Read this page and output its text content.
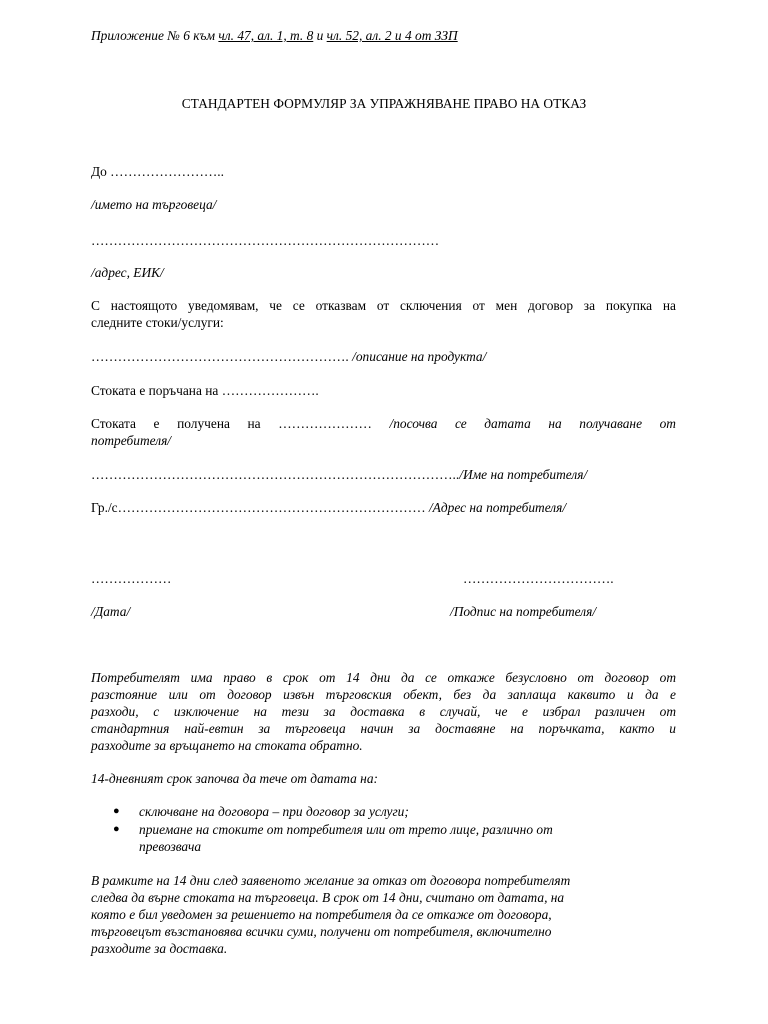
Приложение № 6 към чл. 47, ал. 1, т. 8 и чл. 52, ал. 2 и 4 от ЗЗП
СТАНДАРТЕН ФОРМУЛЯР ЗА УПРАЖНЯВАНЕ ПРАВО НА ОТКАЗ
До ……………………..
/името на търговеца/
……………………………………………………………………
/адрес, ЕИК/
С настоящото уведомявам, че се отказвам от сключения от мен договор за покупка на
следните стоки/услуги:
…………………………………………………. /описание на продукта/
Стоката е поръчана на ………………….
Стоката е получена на ………………… /посочва се датата на получаване от
потребителя/
………………………………………………………………………../Име на потребителя/
Гр./с…………………………………………………………… /Адрес на потребителя/
………………	…………………………….
/Дата/	/Подпис на потребителя/
Потребителят има право в срок от 14 дни да се откаже безусловно от договор от
разстояние или от договор извън търговския обект, без да заплаща каквито и да е
разходи, с изключение на тези за доставка в случай, че е избрал различен от
стандартния най-евтин за търговеца начин за доставяне на поръчката, както и
разходите за връщането на стоката обратно.
14-дневният срок започва да тече от датата на:
● сключване на договора – при договор за услуги;
● приемане на стоките от потребителя или от трето лице, различно от
превозвача
В рамките на 14 дни след заявеното желание за отказ от договора потребителят
следва да върне стоката на търговеца. В срок от 14 дни, считано от датата, на
която е бил уведомен за решението на потребителя да се откаже от договора,
търговецът възстановява всички суми, получени от потребителя, включително
разходите за доставка.
